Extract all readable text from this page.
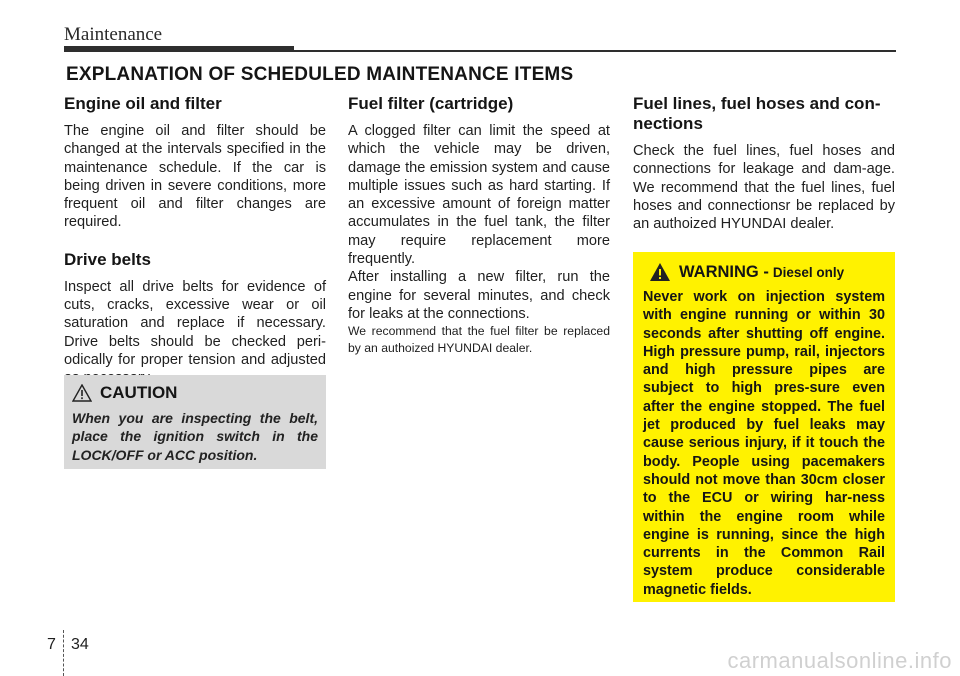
Maintenance
EXPLANATION OF SCHEDULED MAINTENANCE ITEMS
Engine oil and filter

The engine oil and filter should be changed at the intervals specified in the maintenance schedule. If the car is being driven in severe conditions, more frequent oil and filter changes are required.

Drive belts

Inspect all drive belts for evidence of cuts, cracks, excessive wear or oil saturation and replace if necessary. Drive belts should be checked peri-odically for proper tension and adjusted

CAUTION
When you are inspecting the belt, place the ignition switch in the LOCK/OFF or ACC position.
Fuel filter (cartridge)

A clogged filter can limit the speed at which the vehicle may be driven, damage the emission system and cause multiple issues such as hard starting. If an excessive amount of foreign matter accumulates in the fuel tank, the filter may require replacement more frequently.

After installing a new filter, run the engine for several minutes, and check for leaks at the connections.

We recommend that the fuel filter be replaced by an authoized HYUNDAI dealer.

Fuel lines, fuel hoses and con-nections

Check the fuel lines, fuel hoses and connections for leakage and dam-age. We recommend that the fuel lines, fuel hoses and connectionsr be replaced by an authoized HYUNDAI dealer.

WARNING - Diesel only
Never work on injection system with engine running or within 30 seconds after shutting off engine. High pressure pump, rail, injectors and high pressure pipes are subject to high pres-sure even after the engine stopped. The fuel jet produced by fuel leaks may cause serious injury, if it touch the body. People using pacemakers should not move than 30cm closer to the ECU or wiring har-ness within the engine room while engine is running, since the high currents in the Common Rail system produce considerable magnetic fields.
7 34
carmanualsonline.info
